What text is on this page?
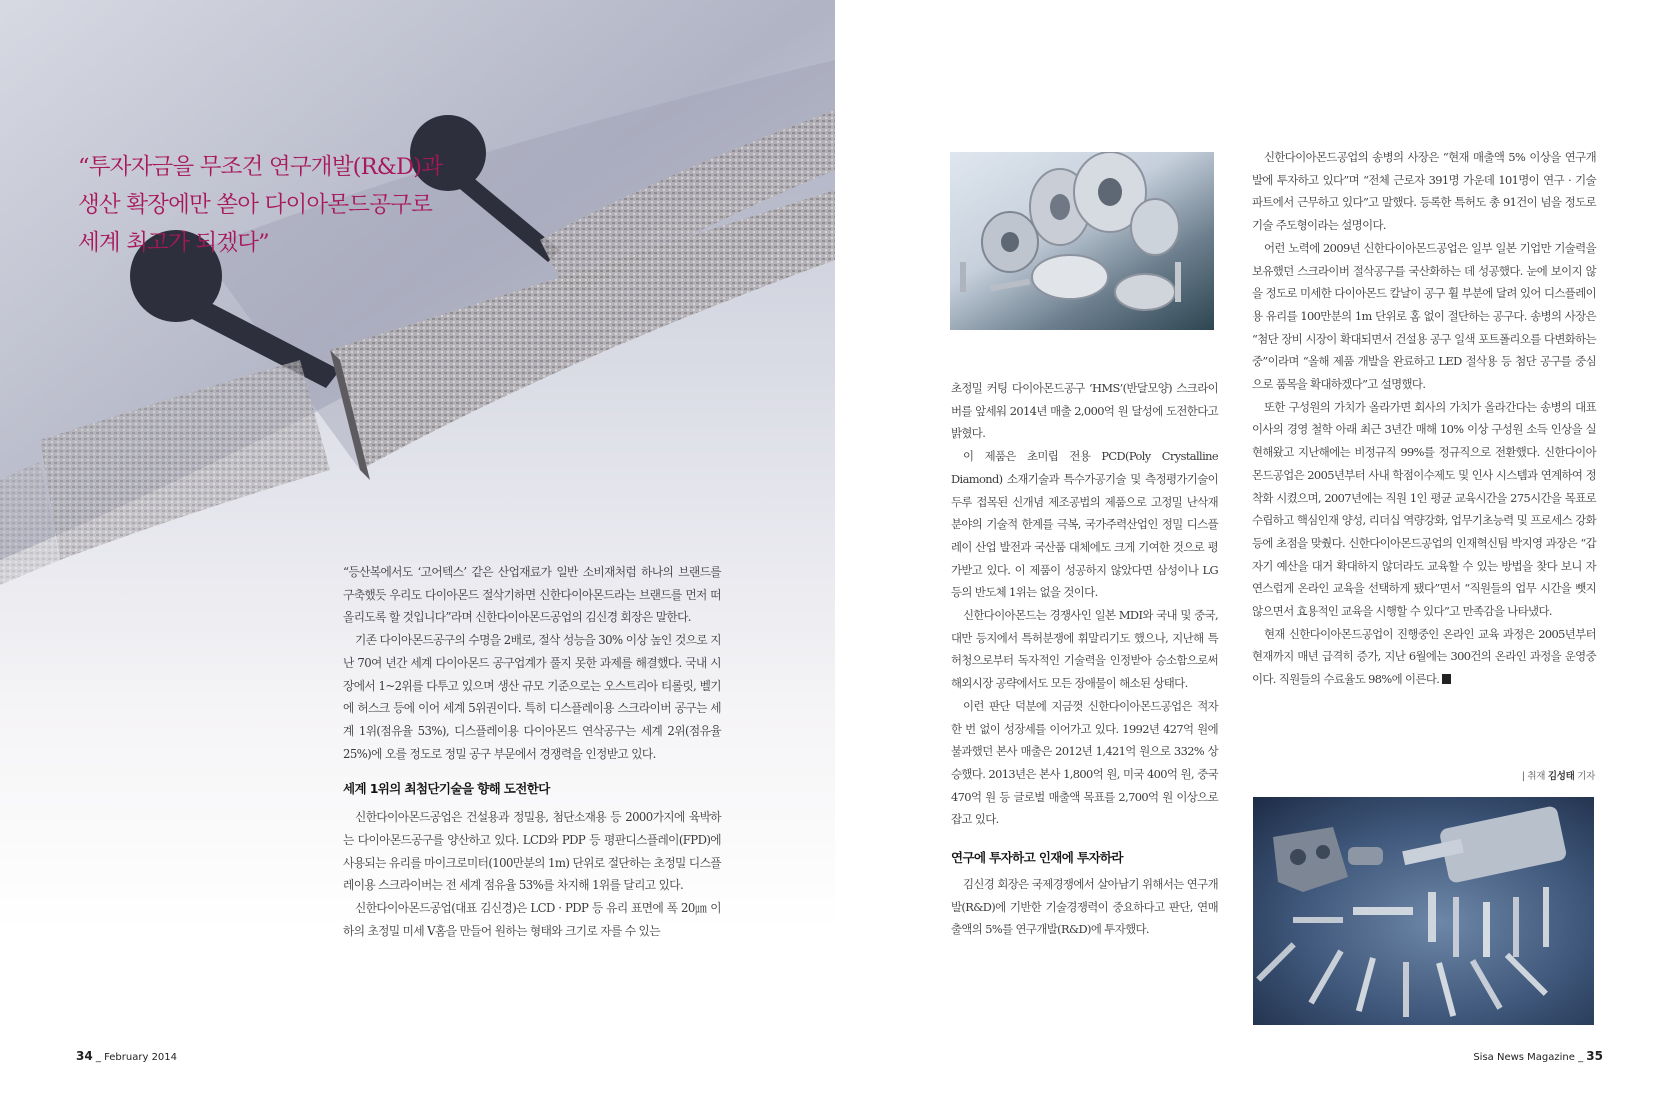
“투자자금을 무조건 연구개발(R&D)과
생산 확장에만 쏟아 다이아몬드공구로
세계 최고가 되겠다”

“등산복에서도 ‘고어텍스’ 같은 산업재료가 일반 소비재처럼 하나의 브랜드를 구축했듯 우리도 다이아몬드 절삭기하면 신한다이아몬드라는 브랜드를 먼저 떠올리도록 할 것입니다”라며 신한다이아몬드공업의 김신경 회장은 말한다.

기존 다이아몬드공구의 수명을 2배로, 절삭 성능을 30% 이상 높인 것으로 지난 70여 년간 세계 다이아몬드 공구업계가 풀지 못한 과제를 해결했다. 국내 시장에서 1~2위를 다투고 있으며 생산 규모 기준으로는 오스트리아 티롤릿, 벨기에 허스크 등에 이어 세계 5위권이다. 특히 디스플레이용 스크라이버 공구는 세계 1위(점유율 53%), 디스플레이용 다이아몬드 연삭공구는 세계 2위(점유율 25%)에 오를 정도로 정밀 공구 부문에서 경쟁력을 인정받고 있다.

세계 1위의 최첨단기술을 향해 도전한다

신한다이아몬드공업은 건설용과 정밀용, 첨단소재용 등 2000가지에 육박하는 다이아몬드공구를 양산하고 있다. LCD와 PDP 등 평판디스플레이(FPD)에 사용되는 유리를 마이크로미터(100만분의 1m) 단위로 절단하는 초정밀 디스플레이용 스크라이버는 전 세계 점유율 53%를 차지해 1위를 달리고 있다.

신한다이아몬드공업(대표 김신경)은 LCD · PDP 등 유리 표면에 폭 20㎛ 이하의 초정밀 미세 V홈을 만들어 원하는 형태와 크기로 자를 수 있는

34 _ February 2014

초정밀 커팅 다이아몬드공구 ‘HMS’(반달모양) 스크라이버를 앞세워 2014년 매출 2,000억 원 달성에 도전한다고 밝혔다.

이 제품은 초미립 전용 PCD(Poly Crystalline Diamond) 소재기술과 특수가공기술 및 측정평가기술이 두루 접목된 신개념 제조공법의 제품으로 고정밀 난삭재분야의 기술적 한계를 극복, 국가주력산업인 정밀 디스플레이 산업 발전과 국산품 대체에도 크게 기여한 것으로 평가받고 있다. 이 제품이 성공하지 않았다면 삼성이나 LG등의 반도체 1위는 없을 것이다.

신한다이아몬드는 경쟁사인 일본 MDI와 국내 및 중국, 대만 등지에서 특허분쟁에 휘말리기도 했으나, 지난해 특허청으로부터 독자적인 기술력을 인정받아 승소함으로써 해외시장 공략에서도 모든 장애물이 해소된 상태다.

이런 판단 덕분에 지금껏 신한다이아몬드공업은 적자 한 번 없이 성장세를 이어가고 있다. 1992년 427억 원에 불과했던 본사 매출은 2012년 1,421억 원으로 332% 상승했다. 2013년은 본사 1,800억 원, 미국 400억 원, 중국 470억 원 등 글로벌 매출액 목표를 2,700억 원 이상으로 잡고 있다.

연구에 투자하고 인재에 투자하라

김신경 회장은 국제경쟁에서 살아남기 위해서는 연구개발(R&D)에 기반한 기술경쟁력이 중요하다고 판단, 연매출액의 5%를 연구개발(R&D)에 투자했다.

신한다이아몬드공업의 송병의 사장은 “현재 매출액 5% 이상을 연구개발에 투자하고 있다”며 “전체 근로자 391명 가운데 101명이 연구 · 기술 파트에서 근무하고 있다”고 말했다. 등록한 특허도 총 91건이 넘을 정도로 기술 주도형이라는 설명이다.

어런 노력에 2009년 신한다이아몬드공업은 일부 일본 기업만 기술력을 보유했던 스크라이버 절삭공구를 국산화하는 데 성공했다. 눈에 보이지 않을 정도로 미세한 다이아몬드 칼날이 공구 휠 부분에 달려 있어 디스플레이용 유리를 100만분의 1m 단위로 홈 없이 절단하는 공구다. 송병의 사장은 “첨단 장비 시장이 확대되면서 건설용 공구 일색 포트폴리오를 다변화하는 중”이라며 “올해 제품 개발을 완료하고 LED 절삭용 등 첨단 공구를 중심으로 품목을 확대하겠다”고 설명했다.

또한 구성원의 가치가 올라가면 회사의 가치가 올라간다는 송병의 대표이사의 경영 철학 아래 최근 3년간 매해 10% 이상 구성원 소득 인상을 실현해왔고 지난해에는 비정규직 99%를 정규직으로 전환했다. 신한다이아몬드공업은 2005년부터 사내 학점이수제도 및 인사 시스템과 연계하여 정착화 시켰으며, 2007년에는 직원 1인 평균 교육시간을 275시간을 목표로 수립하고 핵심인재 양성, 리더십 역량강화, 업무기초능력 및 프로세스 강화 등에 초점을 맞췄다. 신한다이아몬드공업의 인재혁신팀 박지영 과장은 “갑자기 예산을 대거 확대하지 않더라도 교육할 수 있는 방법을 찾다 보니 자연스럽게 온라인 교육을 선택하게 됐다”면서 “직원들의 업무 시간을 뺏지 않으면서 효용적인 교육을 시행할 수 있다”고 만족감을 나타냈다.

현재 신한다이아몬드공업이 진행중인 온라인 교육 과정은 2005년부터 현재까지 매년 급격히 증가, 지난 6월에는 300건의 온라인 과정을 운영중이다. 직원들의 수료율도 98%에 이른다.

| 취재 김성태 기자
Sisa News Magazine _ 35
